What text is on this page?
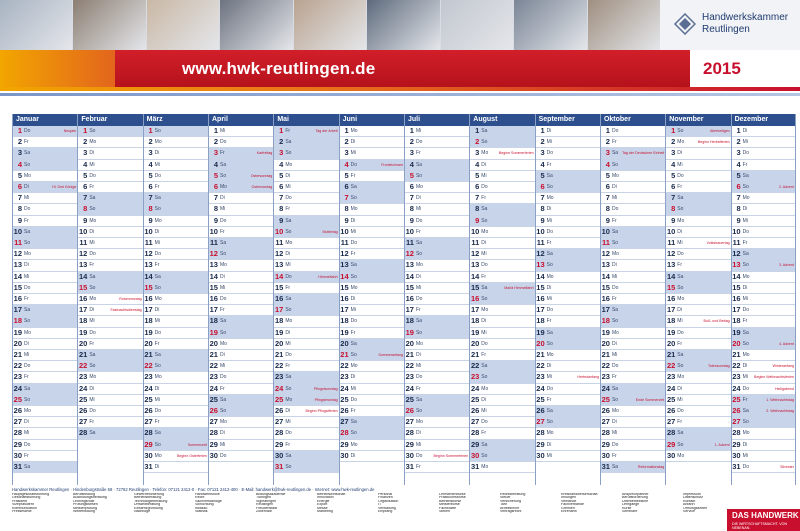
Handwerkskammer
Reutlingen
www.hwk-reutlingen.de	2015
Januar
1 Do	Neujahr
2 Fr
3 Sa
4 So
5 Mo
6 Di	Hl. Drei Könige
7 Mi
8 Do
9 Fr
10 Sa
11 So
12 Mo
13 Di
14 Mi
15 Do
16 Fr
17 Sa
18 So
19 Mo
20 Di
21 Mi
22 Do
23 Fr
24 Sa
25 So
26 Mo
27 Di
28 Mi
29 Do
30 Fr
31 Sa
Februar
1 So
2 Mo
3 Di
4 Mi
5 Do
6 Fr
7 Sa
8 So
9 Mo
10 Di
11 Mi
12 Do
13 Fr
14 Sa
15 So
16 Mo	Rosenmontag
17 Di	Fastnachtsdienstag
18 Mi
19 Do
20 Fr
21 Sa
22 So
23 Mo
24 Di
25 Mi
26 Do
27 Fr
28 Sa
März
1 So
2 Mo
3 Di
4 Mi
5 Do
6 Fr
7 Sa
8 So
9 Mo
10 Di
11 Mi
12 Do
13 Fr
14 Sa
15 So
16 Mo
17 Di
18 Mi
19 Do
20 Fr
21 Sa
22 So
23 Mo
24 Di
25 Mi
26 Do
27 Fr
28 Sa
29 So	Sommerzeit
30 Mo	Beginn Osterferien
31 Di
April
1 Mi
2 Do
3 Fr	Karfreitag
4 Sa
5 So	Ostersonntag
6 Mo	Ostermontag
7 Di
8 Mi
9 Do
10 Fr
11 Sa
12 So
13 Mo
14 Di
15 Mi
16 Do
17 Fr
18 Sa
19 So
20 Mo
21 Di
22 Mi
23 Do
24 Fr
25 Sa
26 So
27 Mo
28 Di
29 Mi
30 Do
Mai
1 Fr	Tag der Arbeit
2 Sa
3 So
4 Mo
5 Di
6 Mi
7 Do
8 Fr
9 Sa
10 So	Muttertag
11 Mo
12 Di
13 Mi
14 Do	Himmelfahrt
15 Fr
16 Sa
17 So
18 Mo
19 Di
20 Mi
21 Do
22 Fr
23 Sa
24 So	Pfingstsonntag
25 Mo	Pfingstmontag
26 Di	Beginn Pfingstferien
27 Mi
28 Do
29 Fr
30 Sa
31 So
Juni
1 Mo
2 Di
3 Mi
4 Do	Fronleichnam
5 Fr
6 Sa
7 So
8 Mo
9 Di
10 Mi
11 Do
12 Fr
13 Sa
14 So
15 Mo
16 Di
17 Mi
18 Do
19 Fr
20 Sa
21 So	Sommeranfang
22 Mo
23 Di
24 Mi
25 Do
26 Fr
27 Sa
28 So
29 Mo
30 Di
Juli
1 Mi
2 Do
3 Fr
4 Sa
5 So
6 Mo
7 Di
8 Mi
9 Do
10 Fr
11 Sa
12 So
13 Mo
14 Di
15 Mi
16 Do
17 Fr
18 Sa
19 So
20 Mo
21 Di
22 Mi
23 Do
24 Fr
25 Sa
26 So
27 Mo
28 Di
29 Mi
30 Do	Beginn Sommerferien
31 Fr
August
1 Sa
2 So
3 Mo	Beginn Sommerferien
4 Di
5 Mi
6 Do
7 Fr
8 Sa
9 So
10 Mo
11 Di
12 Mi
13 Do
14 Fr
15 Sa	Mariä Himmelfahrt
16 So
17 Mo
18 Di
19 Mi
20 Do
21 Fr
22 Sa
23 So
24 Mo
25 Di
26 Mi
27 Do
28 Fr
29 Sa
30 So
31 Mo
September
1 Di
2 Mi
3 Do
4 Fr
5 Sa
6 So
7 Mo
8 Di
9 Mi
10 Do
11 Fr
12 Sa
13 So
14 Mo
15 Di
16 Mi
17 Do
18 Fr
19 Sa
20 So
21 Mo
22 Di
23 Mi	Herbstanfang
24 Do
25 Fr
26 Sa
27 So
28 Mo
29 Di
30 Mi
Oktober
1 Do
2 Fr
3 Sa Tag der Deutschen Einheit
4 So
5 Mo
6 Di
7 Mi
8 Do
9 Fr
10 Sa
11 So
12 Mo
13 Di
14 Mi
15 Do
16 Fr
17 Sa
18 So
19 Mo
20 Di
21 Mi
22 Do
23 Fr
24 Sa
25 So	Ende Sommerzeit
26 Mo
27 Di
28 Mi
29 Do
30 Fr
31 Sa	Reformationstag
November
1 So	Allerheiligen
2 Mo	Beginn Herbstferien
3 Di
4 Mi
5 Do
6 Fr
7 Sa
8 So
9 Mo
10 Di
11 Mi	Volkstrauertag
12 Do
13 Fr
14 Sa
15 So
16 Mo
17 Di
18 Mi	Buß- und Bettag
19 Do
20 Fr
21 Sa
22 So	Totensonntag
23 Mo
24 Di
25 Mi
26 Do
27 Fr
28 Sa
29 So	1. Advent
30 Mo
Dezember
1 Di
2 Mi
3 Do
4 Fr
5 Sa
6 So	2. Advent
7 Mo
8 Di
9 Mi
10 Do
11 Fr
12 Sa
13 So	3. Advent
14 Mo
15 Di
16 Mi
17 Do
18 Fr
19 Sa
20 So	4. Advent
21 Mo
22 Di	Winteranfang
23 Mi Beginn Weihnachtsferien
24 Do	Heiligabend
25 Fr	1. Weihnachtstag
26 Sa	2. Weihnachtstag
27 So
28 Mo
29 Di
30 Mi
31 Do	Silvester
Handwerkskammer Reutlingen · Hindenburgstraße 58 · 72762 Reutlingen · Telefon: 07121 2412-0 · Fax: 07121 2412-400 · E-Mail: handwerk@hwk-reutlingen.de · Internet: www.hwk-reutlingen.de
Hauptgeschäftsführung
Geschäftsführung
Präsident
Vizepräsident
Kommunikation
Pressestelle
Berufsbildung
Ausbildungsberatung
Lehrlingsrolle
Prüfungswesen
Meisterprüfung
Weiterbildung
Gewerbeförderung
Betriebsberatung
Technologieberatung
Umweltberatung
Existenzgründung
Nachfolge
Handwerksrolle
Recht
Sachverständige
Schlichtung
Inkasso
Statistik
Bildungsakademie
Tübingen
Sigmaringen
Reutlingen
Freudenstadt
Zollernalb
Betriebswirtschaft
Innovation
Energie
Export
Messe
Marketing
Personal
Finanzen
Organisation
IT
Verwaltung
Empfang
Lehrstellenbörse
Praktikumsbörse
Betriebsbörse
Meisterbörse
Fachkräfte
Stellen
Rechtsberatung
Steuer
Versicherung
Tarif
Arbeitsrecht
Vertragsrecht
Kreishandwerkerschaft
Innungen
Verbände
Fachverbände
Gremien
Ehrenamt
Ansprechpartner
Berufsförderung
Überbetriebliche
Lehrgänge
Kurse
Seminare
Impressum
Datenschutz
Kontakt
Anfahrt
Öffnungszeiten
Service
DAS HANDWERK
DIE WIRTSCHAFTSMACHT. VON NEBENAN.
